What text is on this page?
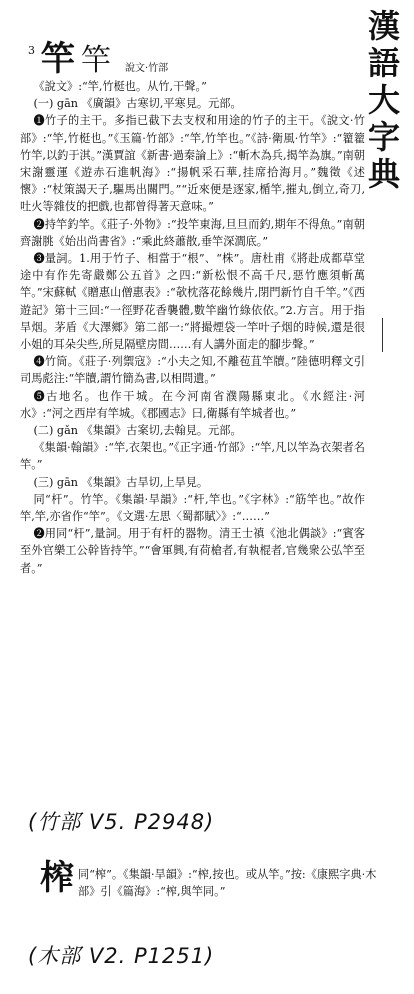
漢
語
大
字
典
3 竿 竿 說文·竹部

《說文》:“竿,竹梃也。从竹,干聲。”

(一) gān 《廣韻》古寒切,平寒見。元部。

❶竹子的主干。多指已截下去支杈和用途的竹子的主干。《說文·竹部》:“竿,竹梃也。”《玉篇·竹部》:“竿,竹竿也。”《詩·衛風·竹竿》:“籊籊竹竿,以釣于淇。”漢賈誼《新書·過秦論上》:“斬木為兵,揭竿為旗。”南朝宋謝靈運《遊赤石進帆海》:“揚帆采石華,挂席拾海月。”魏徵《述懷》:“杖策謁天子,驅馬出關門。”“近來便是逐家,楯竿,摧丸,倒立,奇刀,吐火等雜伎的把戲,也都曾得著天意味。”

❷持竿釣竿。《莊子·外物》:“投竿東海,旦旦而釣,期年不得魚。”南朝齊謝朓《始出尚書省》:“乘此終蕭散,垂竿深澗底。”

❸量詞。1.用于竹子、相當于“根”、“株”。唐杜甫《將赴成都草堂途中有作先寄嚴鄭公五首》之四:“新松恨不高千尺,惡竹應須斬萬竿。”宋蘇軾《贈惠山僧惠表》:“欹枕落花餘幾片,閉門新竹自千竿。”《西遊記》第十三回:“一徑野花香襲體,數竿幽竹綠依依。”2.方言。用于指旱烟。茅盾《大澤鄉》第二部一:“將撮煙袋一竿叶子烟的時候,還是很小姐的耳朵尖些,所見隔壁房間……有人講外面走的腳步聲。”

❹竹筒。《莊子·列禦寇》:“小夫之知,不離苞苴竿牘。”陸德明釋文引司馬彪注:“竿牘,謂竹簡為書,以相問遺。”

❺古地名。也作干城。在今河南省濮陽縣東北。《水經注·河水》:“河之西岸有竿城。《郡國志》曰,衛縣有竿城者也。”

(二) gǎn 《集韻》古案切,去翰見。元部。

《集韻·翰韻》:“竿,衣架也。”《正字通·竹部》:“竿,凡以竿為衣架者名竿。”

(三) gān 《集韻》古旱切,上旱見。

同“杆”。竹竿。《集韻·旱韻》:“杆,竿也。”《字林》:“筋竿也。”故作竿,竿,亦省作“竿”。《文選·左思〈蜀都賦〉》:“……”

❷用同“杆”,量詞。用于有杆的器物。清王士禛《池北偶談》:“賓客至外官樂工公幹皆持竿。”“會軍興,有荷槍者,有執棍者,官幾衆公弘竿至者。”

(竹部 V5. P2948)
榨 同“榨”。《集韻·旱韻》:“榨,按也。或从竿。”按:《康熙字典·木部》引《篇海》:“榨,與竿同。”
(木部 V2. P1251)
